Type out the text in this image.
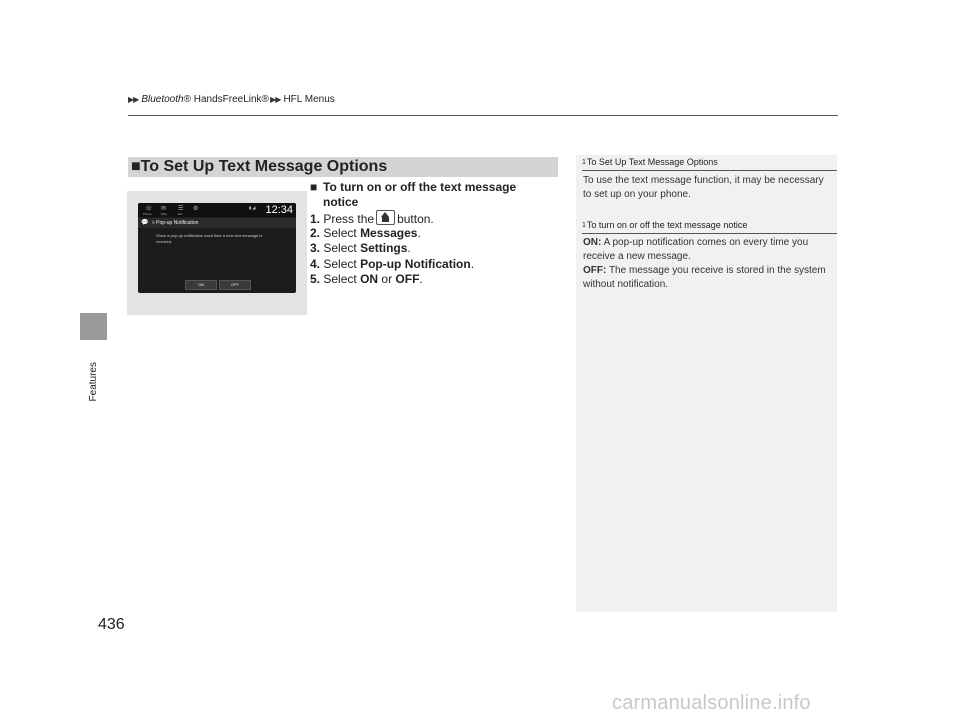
▶▶ Bluetooth® HandsFreeLink® ▶▶ HFL Menus
Features
436
■To Set Up Text Message Options
☏
Phone
✉
Msg
☰
Ext
⚙	▮ ◢ 12:34
💬 » Pop-up Notification
Show a pop-up notification each time a new text message is received.
ON	OFF
■ To turn on or off the text message notice
1. Press the button.
2. Select Messages.
3. Select Settings.
4. Select Pop-up Notification.
5. Select ON or OFF.
1To Set Up Text Message Options
To use the text message function, it may be necessary to set up on your phone.
1To turn on or off the text message notice
ON: A pop-up notification comes on every time you receive a new message.
OFF: The message you receive is stored in the system without notification.
carmanualsonline.info
